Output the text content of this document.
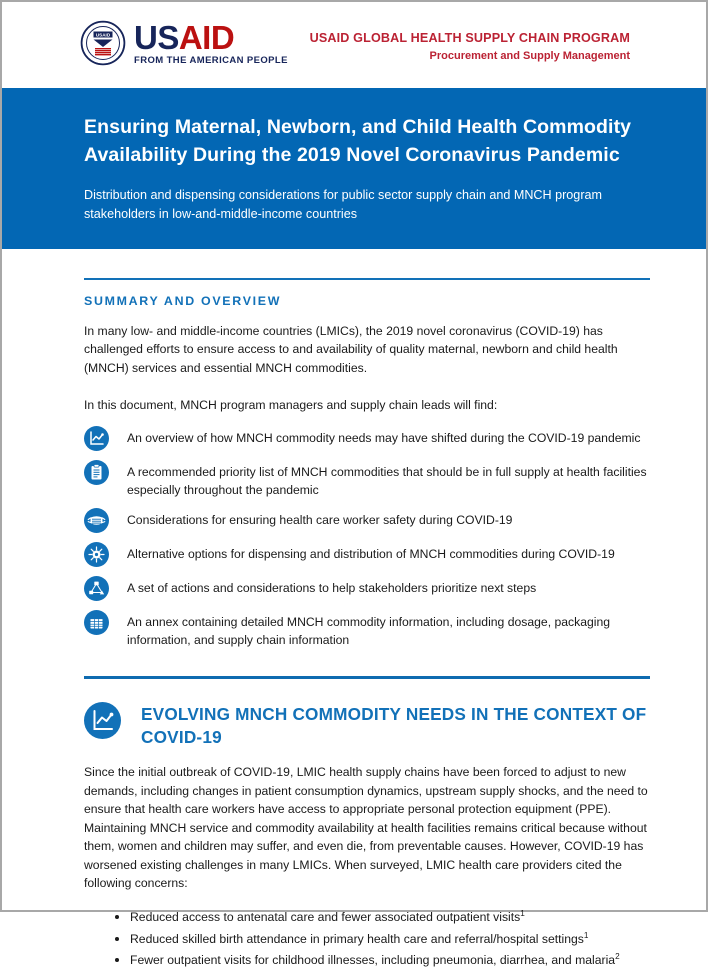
USAID USAID
FROM THE AMERICAN PEOPLE
USAID GLOBAL HEALTH SUPPLY CHAIN PROGRAM
Procurement and Supply Management
Ensuring Maternal, Newborn, and Child Health Commodity Availability During the 2019 Novel Coronavirus Pandemic
Distribution and dispensing considerations for public sector supply chain and MNCH program stakeholders in low-and-middle-income countries
SUMMARY AND OVERVIEW

In many low- and middle-income countries (LMICs), the 2019 novel coronavirus (COVID-19) has challenged efforts to ensure access to and availability of quality maternal, newborn and child health (MNCH) services and essential MNCH commodities.

In this document, MNCH program managers and supply chain leads will find:

An overview of how MNCH commodity needs may have shifted during the COVID-19 pandemic
A recommended priority list of MNCH commodities that should be in full supply at health facilities especially throughout the pandemic
Considerations for ensuring health care worker safety during COVID-19
Alternative options for dispensing and distribution of MNCH commodities during COVID-19
A set of actions and considerations to help stakeholders prioritize next steps
An annex containing detailed MNCH commodity information, including dosage, packaging information, and supply chain information
EVOLVING MNCH COMMODITY NEEDS IN THE CONTEXT OF COVID-19

Since the initial outbreak of COVID-19, LMIC health supply chains have been forced to adjust to new demands, including changes in patient consumption dynamics, upstream supply shocks, and the need to ensure that health care workers have access to appropriate personal protection equipment (PPE). Maintaining MNCH service and commodity availability at health facilities remains critical because without them, women and children may suffer, and even die, from preventable causes. However, COVID-19 has worsened existing challenges in many LMICs. When surveyed, LMIC health care providers cited the following concerns:

• Reduced access to antenatal care and fewer associated outpatient visits$^1$
• Reduced skilled birth attendance in primary health care and referral/hospital settings$^1$
• Fewer outpatient visits for childhood illnesses, including pneumonia, diarrhea, and malaria$^2$
